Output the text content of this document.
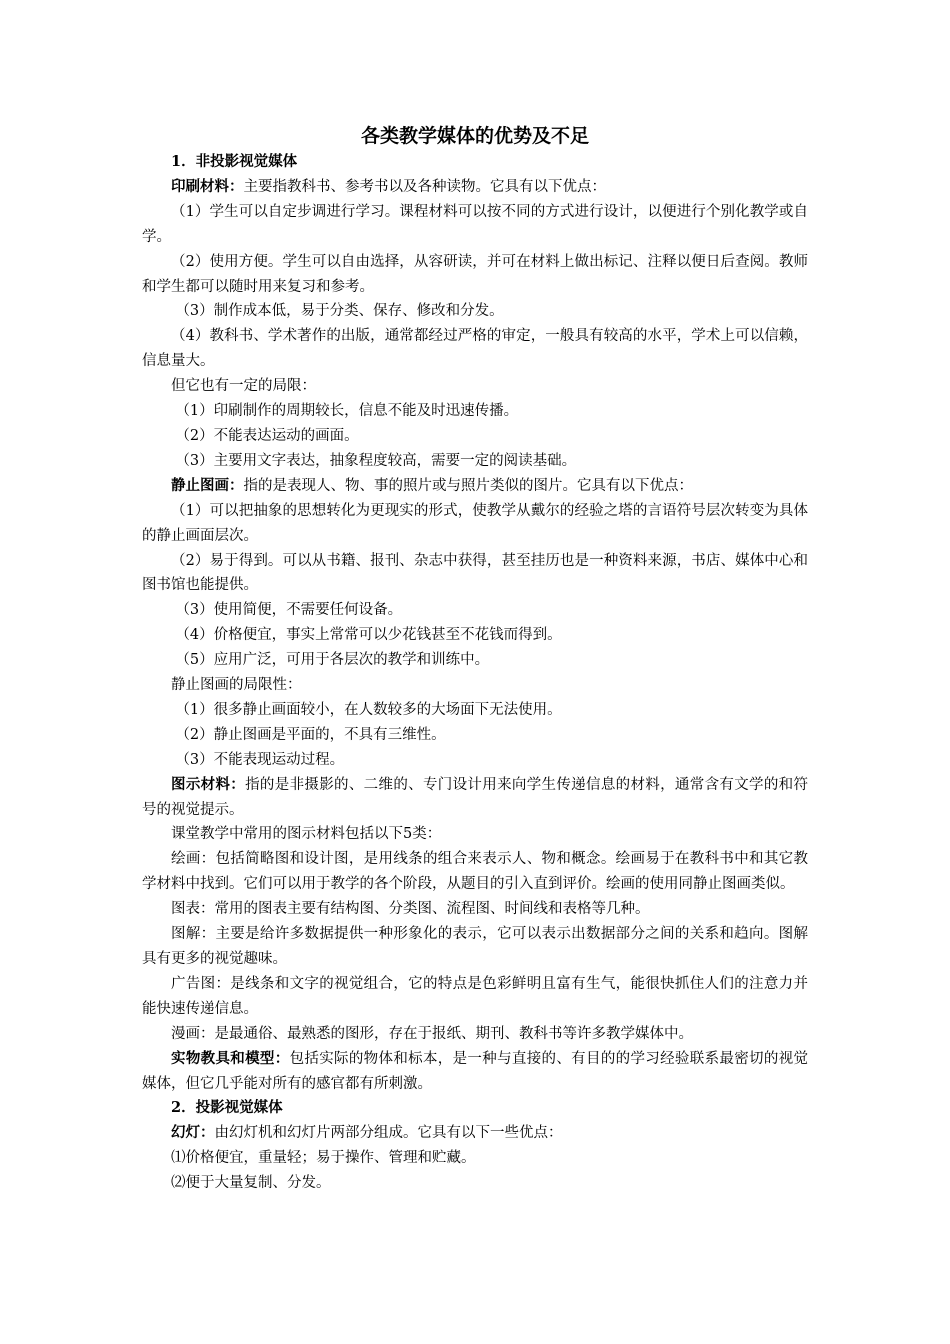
各类教学媒体的优势及不足

1．非投影视觉媒体

印刷材料：主要指教科书、参考书以及各种读物。它具有以下优点：

（1）学生可以自定步调进行学习。课程材料可以按不同的方式进行设计，以便进行个别化教学或自学。

（2）使用方便。学生可以自由选择，从容研读，并可在材料上做出标记、注释以便日后查阅。教师和学生都可以随时用来复习和参考。

（3）制作成本低，易于分类、保存、修改和分发。

（4）教科书、学术著作的出版，通常都经过严格的审定，一般具有较高的水平，学术上可以信赖，信息量大。

但它也有一定的局限：

（1）印刷制作的周期较长，信息不能及时迅速传播。

（2）不能表达运动的画面。

（3）主要用文字表达，抽象程度较高，需要一定的阅读基础。

静止图画：指的是表现人、物、事的照片或与照片类似的图片。它具有以下优点：

（1）可以把抽象的思想转化为更现实的形式，使教学从戴尔的经验之塔的言语符号层次转变为具体的静止画面层次。

（2）易于得到。可以从书籍、报刊、杂志中获得，甚至挂历也是一种资料来源，书店、媒体中心和图书馆也能提供。

（3）使用简便，不需要任何设备。

（4）价格便宜，事实上常常可以少花钱甚至不花钱而得到。

（5）应用广泛，可用于各层次的教学和训练中。

静止图画的局限性：

（1）很多静止画面较小，在人数较多的大场面下无法使用。

（2）静止图画是平面的，不具有三维性。

（3）不能表现运动过程。

图示材料：指的是非摄影的、二维的、专门设计用来向学生传递信息的材料，通常含有文学的和符号的视觉提示。

课堂教学中常用的图示材料包括以下5类：

绘画：包括简略图和设计图，是用线条的组合来表示人、物和概念。绘画易于在教科书中和其它教学材料中找到。它们可以用于教学的各个阶段，从题目的引入直到评价。绘画的使用同静止图画类似。

图表：常用的图表主要有结构图、分类图、流程图、时间线和表格等几种。

图解：主要是给许多数据提供一种形象化的表示，它可以表示出数据部分之间的关系和趋向。图解具有更多的视觉趣味。

广告图：是线条和文字的视觉组合，它的特点是色彩鲜明且富有生气，能很快抓住人们的注意力并能快速传递信息。

漫画：是最通俗、最熟悉的图形，存在于报纸、期刊、教科书等许多教学媒体中。

实物教具和模型：包括实际的物体和标本，是一种与直接的、有目的的学习经验联系最密切的视觉媒体，但它几乎能对所有的感官都有所刺激。

2．投影视觉媒体

幻灯：由幻灯机和幻灯片两部分组成。它具有以下一些优点：

⑴价格便宜，重量轻；易于操作、管理和贮藏。

⑵便于大量复制、分发。
